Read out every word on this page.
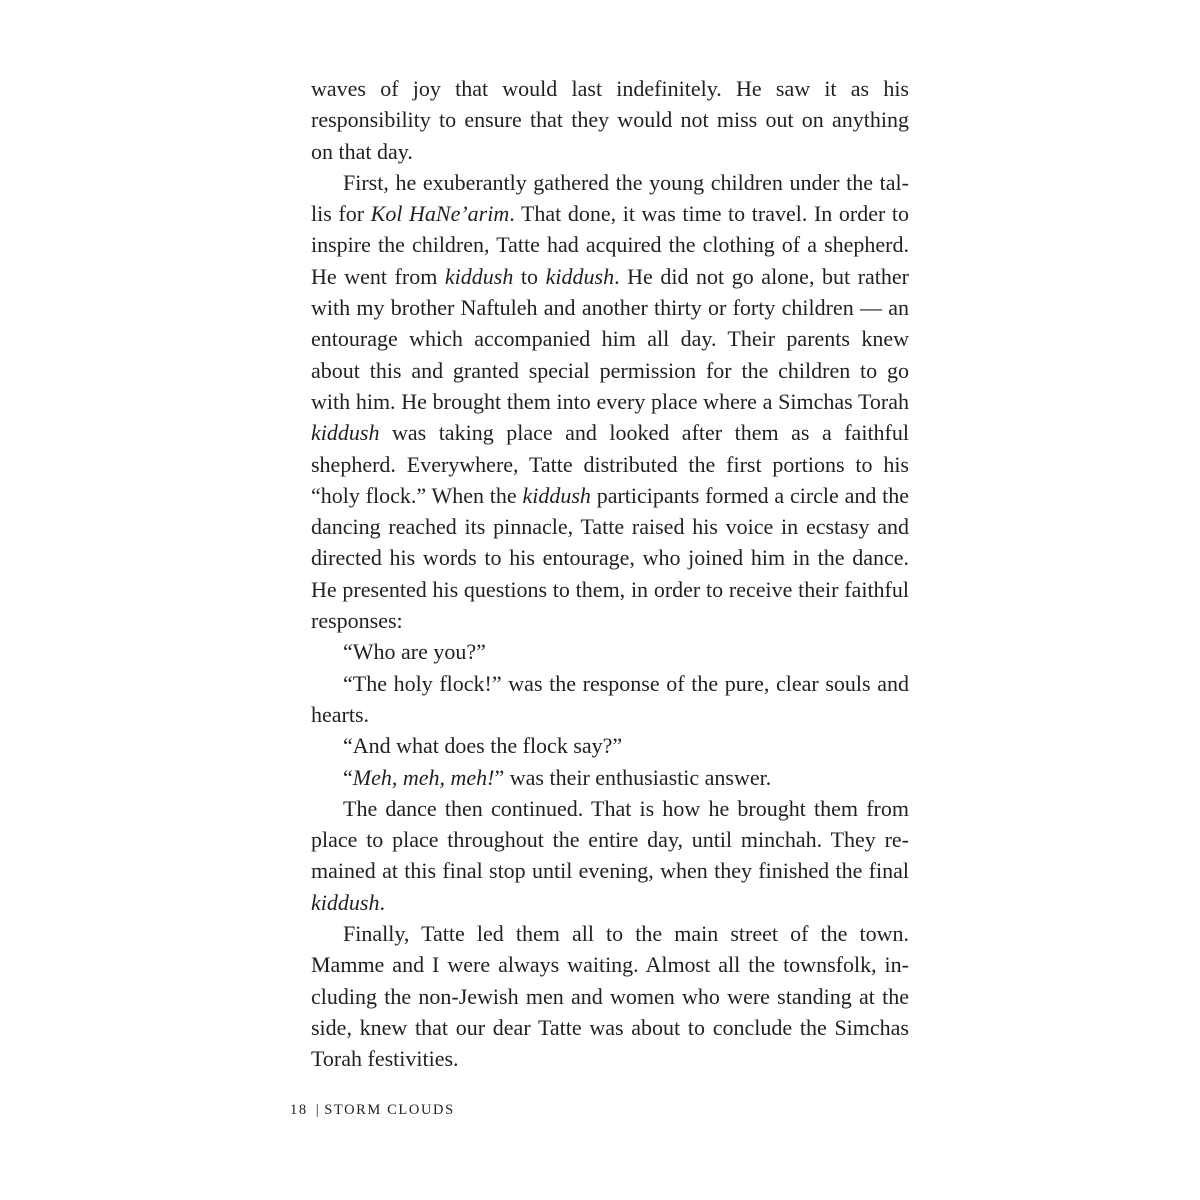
waves of joy that would last indefinitely. He saw it as his responsibility to ensure that they would not miss out on anything on that day.

First, he exuberantly gathered the young children under the tallis for Kol HaNe’arim. That done, it was time to travel. In order to inspire the children, Tatte had acquired the clothing of a shepherd. He went from kiddush to kiddush. He did not go alone, but rather with my brother Naftuleh and another thirty or forty children — an entourage which accompanied him all day. Their parents knew about this and granted special permission for the children to go with him. He brought them into every place where a Simchas Torah kiddush was taking place and looked after them as a faithful shepherd. Everywhere, Tatte distributed the first portions to his “holy flock.” When the kiddush participants formed a circle and the dancing reached its pinnacle, Tatte raised his voice in ecstasy and directed his words to his entourage, who joined him in the dance. He presented his questions to them, in order to receive their faithful responses:

“Who are you?”

“The holy flock!” was the response of the pure, clear souls and hearts.

“And what does the flock say?”

“Meh, meh, meh!” was their enthusiastic answer.

The dance then continued. That is how he brought them from place to place throughout the entire day, until minchah. They remained at this final stop until evening, when they finished the final kiddush.

Finally, Tatte led them all to the main street of the town. Mamme and I were always waiting. Almost all the townsfolk, including the non-Jewish men and women who were standing at the side, knew that our dear Tatte was about to conclude the Simchas Torah festivities.

18 | STORM CLOUDS
